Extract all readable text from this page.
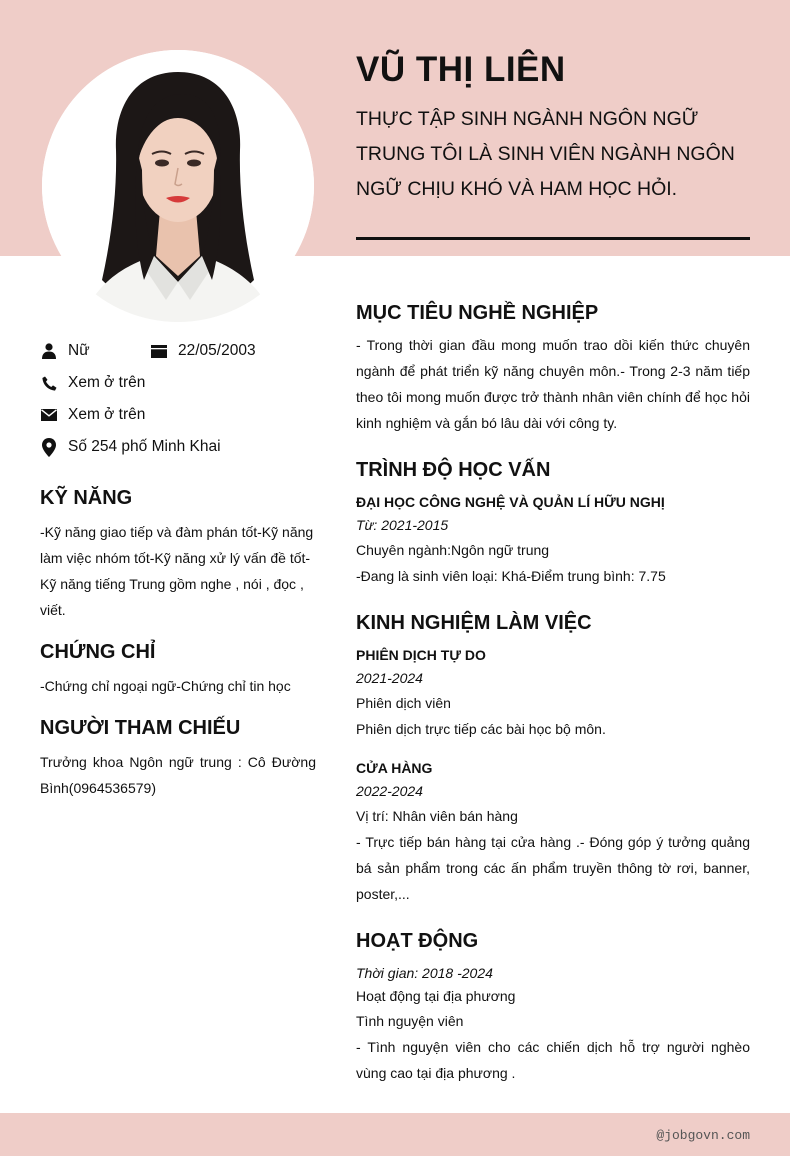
VŨ THỊ LIÊN
THỰC TẬP SINH NGÀNH NGÔN NGỮ TRUNG TÔI LÀ SINH VIÊN NGÀNH NGÔN NGỮ CHỊU KHÓ VÀ HAM HỌC HỎI.
Nữ	22/05/2003
Xem ở trên
Xem ở trên
Số 254 phố Minh Khai
KỸ NĂNG
-Kỹ năng giao tiếp và đàm phán tốt-Kỹ năng làm việc nhóm tốt-Kỹ năng xử lý vấn đề tốt-Kỹ năng tiếng Trung gồm nghe , nói , đọc , viết.
CHỨNG CHỈ
-Chứng chỉ ngoại ngữ-Chứng chỉ tin học
NGƯỜI THAM CHIẾU
Trưởng khoa Ngôn ngữ trung : Cô Đường Bình(0964536579)
MỤC TIÊU NGHỀ NGHIỆP
- Trong thời gian đầu mong muốn trao dồi kiến thức chuyên ngành để phát triển kỹ năng chuyên môn.- Trong 2-3 năm tiếp theo tôi mong muốn được trở thành nhân viên chính để học hỏi kinh nghiệm và gắn bó lâu dài với công ty.
TRÌNH ĐỘ HỌC VẤN
ĐẠI HỌC CÔNG NGHỆ VÀ QUẢN LÍ HỮU NGHỊ
Từ: 2021-2015
Chuyên ngành:Ngôn ngữ trung
-Đang là sinh viên loại: Khá-Điểm trung bình: 7.75
KINH NGHIỆM LÀM VIỆC
PHIÊN DỊCH TỰ DO
2021-2024
Phiên dịch viên
Phiên dịch trực tiếp các bài học bộ môn.
CỬA HÀNG
2022-2024
Vị trí: Nhân viên bán hàng
- Trực tiếp bán hàng tại cửa hàng .- Đóng góp ý tưởng quảng bá sản phẩm trong các ấn phẩm truyền thông tờ rơi, banner, poster,...
HOẠT ĐỘNG
Thời gian: 2018 -2024
Hoạt động tại địa phương
Tình nguyện viên
- Tình nguyện viên cho các chiến dịch hỗ trợ người nghèo vùng cao tại địa phương .
@jobgovn.com
